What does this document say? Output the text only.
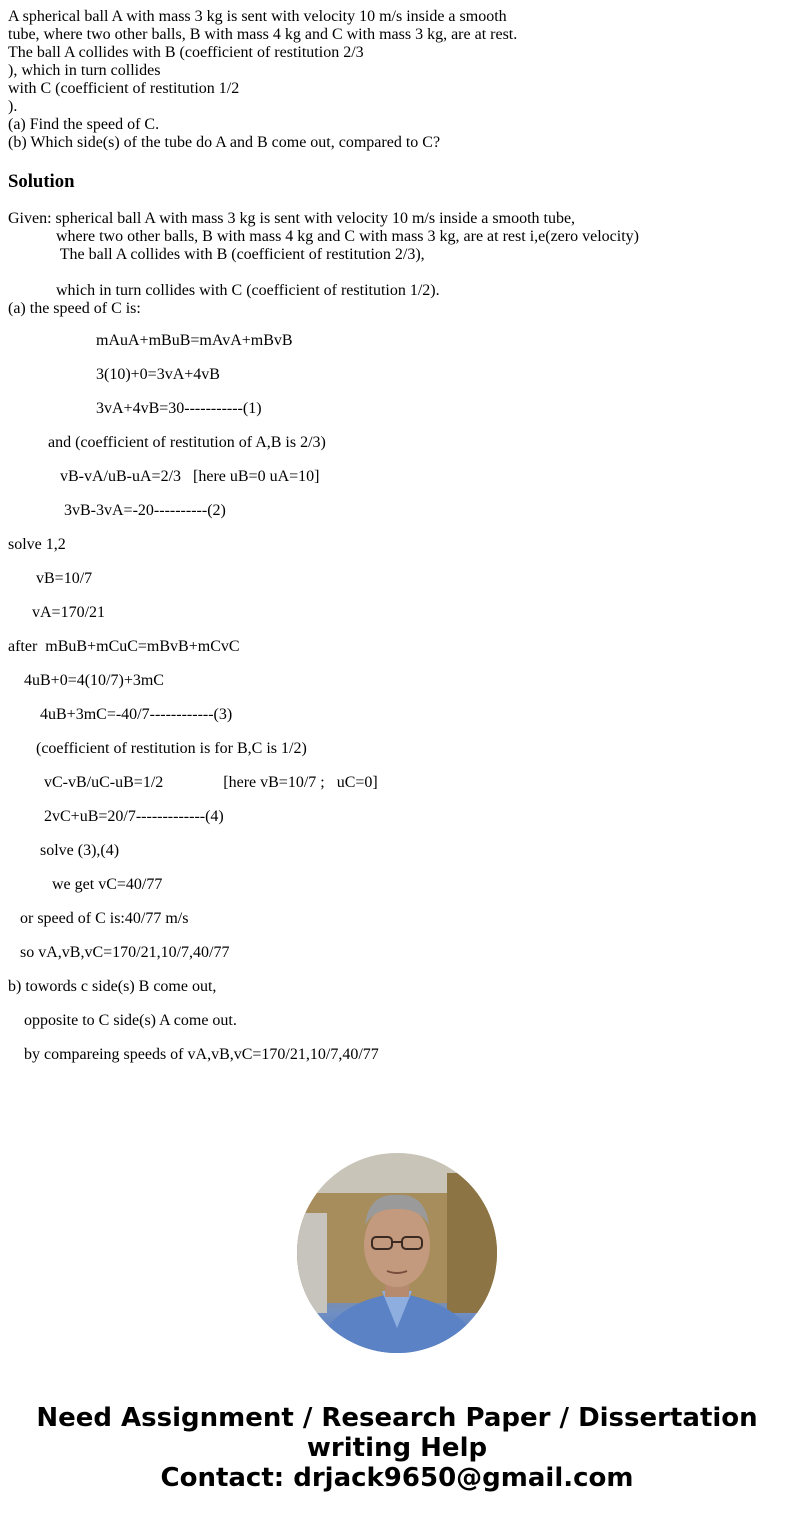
A spherical ball A with mass 3 kg is sent with velocity 10 m/s inside a smooth
tube, where two other balls, B with mass 4 kg and C with mass 3 kg, are at rest.
The ball A collides with B (coefficient of restitution 2/3
), which in turn collides
with C (coefficient of restitution 1/2
).
(a) Find the speed of C.
(b) Which side(s) of the tube do A and B come out, compared to C?
Solution
Given: spherical ball A with mass 3 kg is sent with velocity 10 m/s inside a smooth tube,
where two other balls, B with mass 4 kg and C with mass 3 kg, are at rest i,e(zero velocity)
The ball A collides with B (coefficient of restitution 2/3),
which in turn collides with C (coefficient of restitution 1/2).
(a) the speed of C is:
mAuA+mBuB=mAvA+mBvB
3(10)+0=3vA+4vB
3vA+4vB=30-----------(1)
and (coefficient of restitution of A,B is 2/3)
vB-vA/uB-uA=2/3   [here uB=0 uA=10]
3vB-3vA=-20----------(2)
solve 1,2
vB=10/7
vA=170/21
after  mBuB+mCuC=mBvB+mCvC
4uB+0=4(10/7)+3mC
4uB+3mC=-40/7------------(3)
(coefficient of restitution is for B,C is 1/2)
vC-vB/uC-uB=1/2               [here vB=10/7 ;   uC=0]
2vC+uB=20/7-------------(4)
solve (3),(4)
we get vC=40/77
or speed of C is:40/77 m/s
so vA,vB,vC=170/21,10/7,40/77
b) towords c side(s) B come out,
opposite to C side(s) A come out.
by compareing speeds of vA,vB,vC=170/21,10/7,40/77
Need Assignment / Research Paper / Dissertation
writing Help
Contact: drjack9650@gmail.com
